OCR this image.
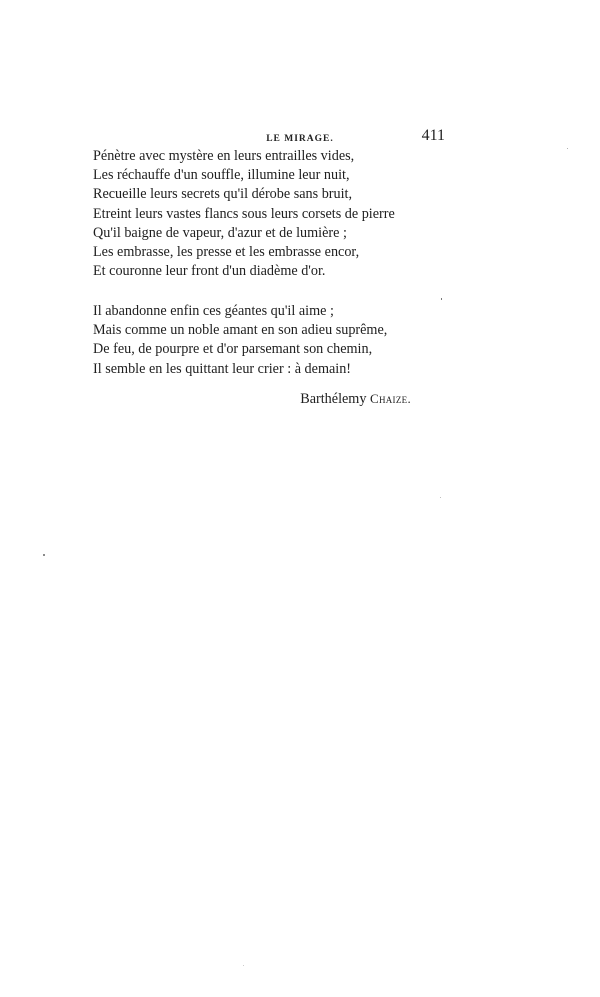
LE MIRAGE.	411
Pénètre avec mystère en leurs entrailles vides,
Les réchauffe d'un souffle, illumine leur nuit,
Recueille leurs secrets qu'il dérobe sans bruit,
Etreint leurs vastes flancs sous leurs corsets de pierre
Qu'il baigne de vapeur, d'azur et de lumière ;
Les embrasse, les presse et les embrasse encor,
Et couronne leur front d'un diadème d'or.
Il abandonne enfin ces géantes qu'il aime ;
Mais comme un noble amant en son adieu suprême,
De feu, de pourpre et d'or parsemant son chemin,
Il semble en les quittant leur crier : à demain!
Barthélemy Chaize.
